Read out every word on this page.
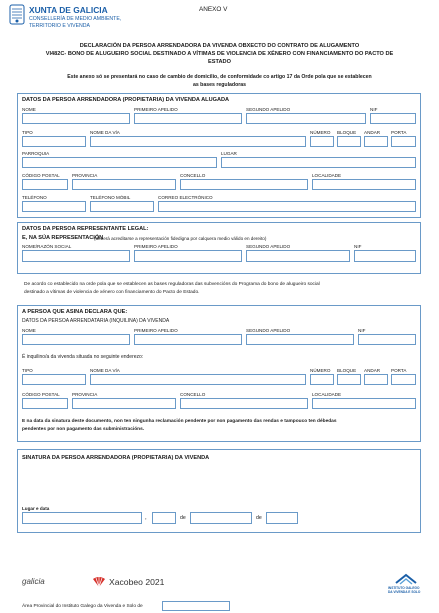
XUNTA DE GALICIA
CONSELLERÍA DE MEDIO AMBIENTE,
TERRITORIO E VIVENDA
ANEXO V
DECLARACIÓN DA PERSOA ARRENDADORA DA VIVENDA OBXECTO DO CONTRATO DE ALUGAMENTO
VI482C- BONO DE ALUGUEIRO SOCIAL DESTINADO A VÍTIMAS DE VIOLENCIA DE XÉNERO CON FINANCIAMENTO DO PACTO DE
ESTADO
Este anexo só se presentará no caso de cambio de domicilio, de conformidade co artigo 17 da Orde pola que se establecen
as bases reguladoras
DATOS DA PERSOA ARRENDADORA (PROPIETARIA) DA VIVENDA ALUGADA
NOME	PRIMEIRO APELIDO	SEGUNDO APELIDO	NIF
TIPO	NOME DA VÍA	NÚMERO BLOQUE ANDAR PORTA
PARROQUIA	LUGAR
CÓDIGO POSTAL	PROVINCIA	CONCELLO	LOCALIDADE
TELÉFONO	TELÉFONO MÓBIL	CORREO ELECTRÓNICO
DATOS DA PERSOA REPRESENTANTE LEGAL:
E, NA SÚA REPRESENTACIÓN
(deberá acreditarse a representación fidedigna por calquera medio válido en dereito)
NOME/RAZÓN SOCIAL	PRIMEIRO APELIDO	SEGUNDO APELIDO	NIF
De acordo co establecido na orde pola que se establecen as bases reguladoras das subvencións do Programa do bono de alugueiro social
destinado a vítimas de violencia de xénero con financiamento do Pacto de Estado.
A PERSOA QUE ASINA DECLARA QUE:
DATOS DA PERSOA ARRENDATARIA (INQUILINA) DA VIVENDA
NOME	PRIMEIRO APELIDO	SEGUNDO APELIDO	NIF
É inquilino/a da vivenda situada no seguinte enderezo:
TIPO	NOME DA VÍA	NÚMERO BLOQUE ANDAR PORTA
CÓDIGO POSTAL	PROVINCIA	CONCELLO	LOCALIDADE
E na data da sinatura deste documento, non ten ningunha reclamación pendente por non pagamento das rendas e tampouco ten débedas
pendentes por non pagamento das subministracións.
SINATURA DA PERSOA ARRENDADORA (PROPIETARIA) DA VIVENDA
Lugar e data
,	de	de
galicia	Xacobeo 2021
INSTITUTO GALEGO
DA VIVENDA E SOLO
Área Provincial do Instituto Galego da Vivenda e Solo de
